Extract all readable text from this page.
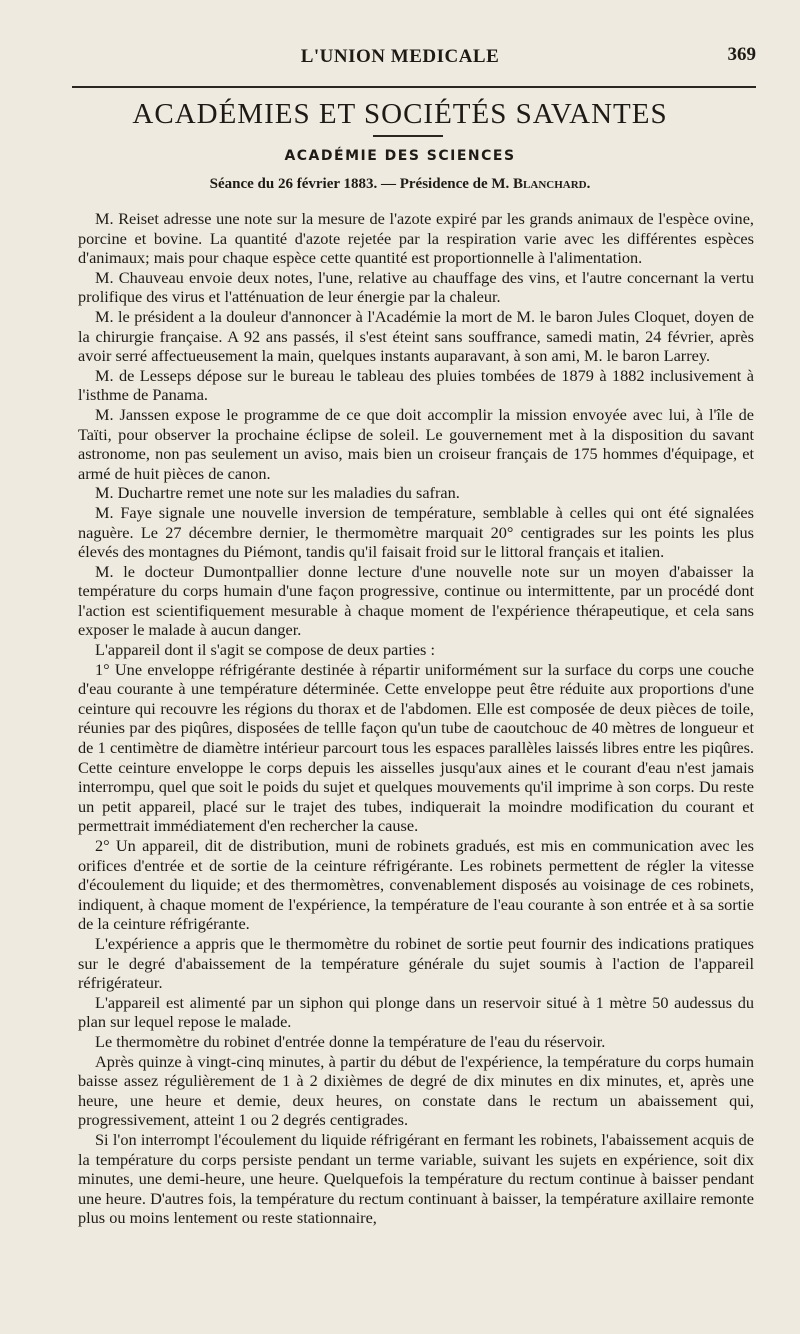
L'UNION MEDICALE	369
ACADÉMIES ET SOCIÉTÉS SAVANTES
ACADÉMIE DES SCIENCES
Séance du 26 février 1883. — Présidence de M. Blanchard.

M. Reiset adresse une note sur la mesure de l'azote expiré par les grands animaux de l'espèce ovine, porcine et bovine. La quantité d'azote rejetée par la respiration varie avec les différentes espèces d'animaux; mais pour chaque espèce cette quantité est proportionnelle à l'alimentation.

M. Chauveau envoie deux notes, l'une, relative au chauffage des vins, et l'autre concernant la vertu prolifique des virus et l'atténuation de leur énergie par la chaleur.

M. le président a la douleur d'annoncer à l'Académie la mort de M. le baron Jules Cloquet, doyen de la chirurgie française. A 92 ans passés, il s'est éteint sans souffrance, samedi matin, 24 février, après avoir serré affectueusement la main, quelques instants auparavant, à son ami, M. le baron Larrey.

M. de Lesseps dépose sur le bureau le tableau des pluies tombées de 1879 à 1882 inclusivement à l'isthme de Panama.

M. Janssen expose le programme de ce que doit accomplir la mission envoyée avec lui, à l'île de Taïti, pour observer la prochaine éclipse de soleil. Le gouvernement met à la disposition du savant astronome, non pas seulement un aviso, mais bien un croiseur français de 175 hommes d'équipage, et armé de huit pièces de canon.

M. Duchartre remet une note sur les maladies du safran.

M. Faye signale une nouvelle inversion de température, semblable à celles qui ont été signalées naguère. Le 27 décembre dernier, le thermomètre marquait 20° centigrades sur les points les plus élevés des montagnes du Piémont, tandis qu'il faisait froid sur le littoral français et italien.

M. le docteur Dumontpallier donne lecture d'une nouvelle note sur un moyen d'abaisser la température du corps humain d'une façon progressive, continue ou intermittente, par un procédé dont l'action est scientifiquement mesurable à chaque moment de l'expérience thérapeutique, et cela sans exposer le malade à aucun danger.

L'appareil dont il s'agit se compose de deux parties :

1° Une enveloppe réfrigérante destinée à répartir uniformément sur la surface du corps une couche d'eau courante à une température déterminée. Cette enveloppe peut être réduite aux proportions d'une ceinture qui recouvre les régions du thorax et de l'abdomen. Elle est composée de deux pièces de toile, réunies par des piqûres, disposées de tellle façon qu'un tube de caoutchouc de 40 mètres de longueur et de 1 centimètre de diamètre intérieur parcourt tous les espaces parallèles laissés libres entre les piqûres. Cette ceinture enveloppe le corps depuis les aisselles jusqu'aux aines et le courant d'eau n'est jamais interrompu, quel que soit le poids du sujet et quelques mouvements qu'il imprime à son corps. Du reste un petit appareil, placé sur le trajet des tubes, indiquerait la moindre modification du courant et permettrait immédiatement d'en rechercher la cause.

2° Un appareil, dit de distribution, muni de robinets gradués, est mis en communication avec les orifices d'entrée et de sortie de la ceinture réfrigérante. Les robinets permettent de régler la vitesse d'écoulement du liquide; et des thermomètres, convenablement disposés au voisinage de ces robinets, indiquent, à chaque moment de l'expérience, la température de l'eau courante à son entrée et à sa sortie de la ceinture réfrigérante.

L'expérience a appris que le thermomètre du robinet de sortie peut fournir des indications pratiques sur le degré d'abaissement de la température générale du sujet soumis à l'action de l'appareil réfrigérateur.

L'appareil est alimenté par un siphon qui plonge dans un reservoir situé à 1 mètre 50 audessus du plan sur lequel repose le malade.

Le thermomètre du robinet d'entrée donne la température de l'eau du réservoir.

Après quinze à vingt-cinq minutes, à partir du début de l'expérience, la température du corps humain baisse assez régulièrement de 1 à 2 dixièmes de degré de dix minutes en dix minutes, et, après une heure, une heure et demie, deux heures, on constate dans le rectum un abaissement qui, progressivement, atteint 1 ou 2 degrés centigrades.

Si l'on interrompt l'écoulement du liquide réfrigérant en fermant les robinets, l'abaissement acquis de la température du corps persiste pendant un terme variable, suivant les sujets en expérience, soit dix minutes, une demi-heure, une heure. Quelquefois la température du rectum continue à baisser pendant une heure. D'autres fois, la température du rectum continuant à baisser, la température axillaire remonte plus ou moins lentement ou reste stationnaire,
